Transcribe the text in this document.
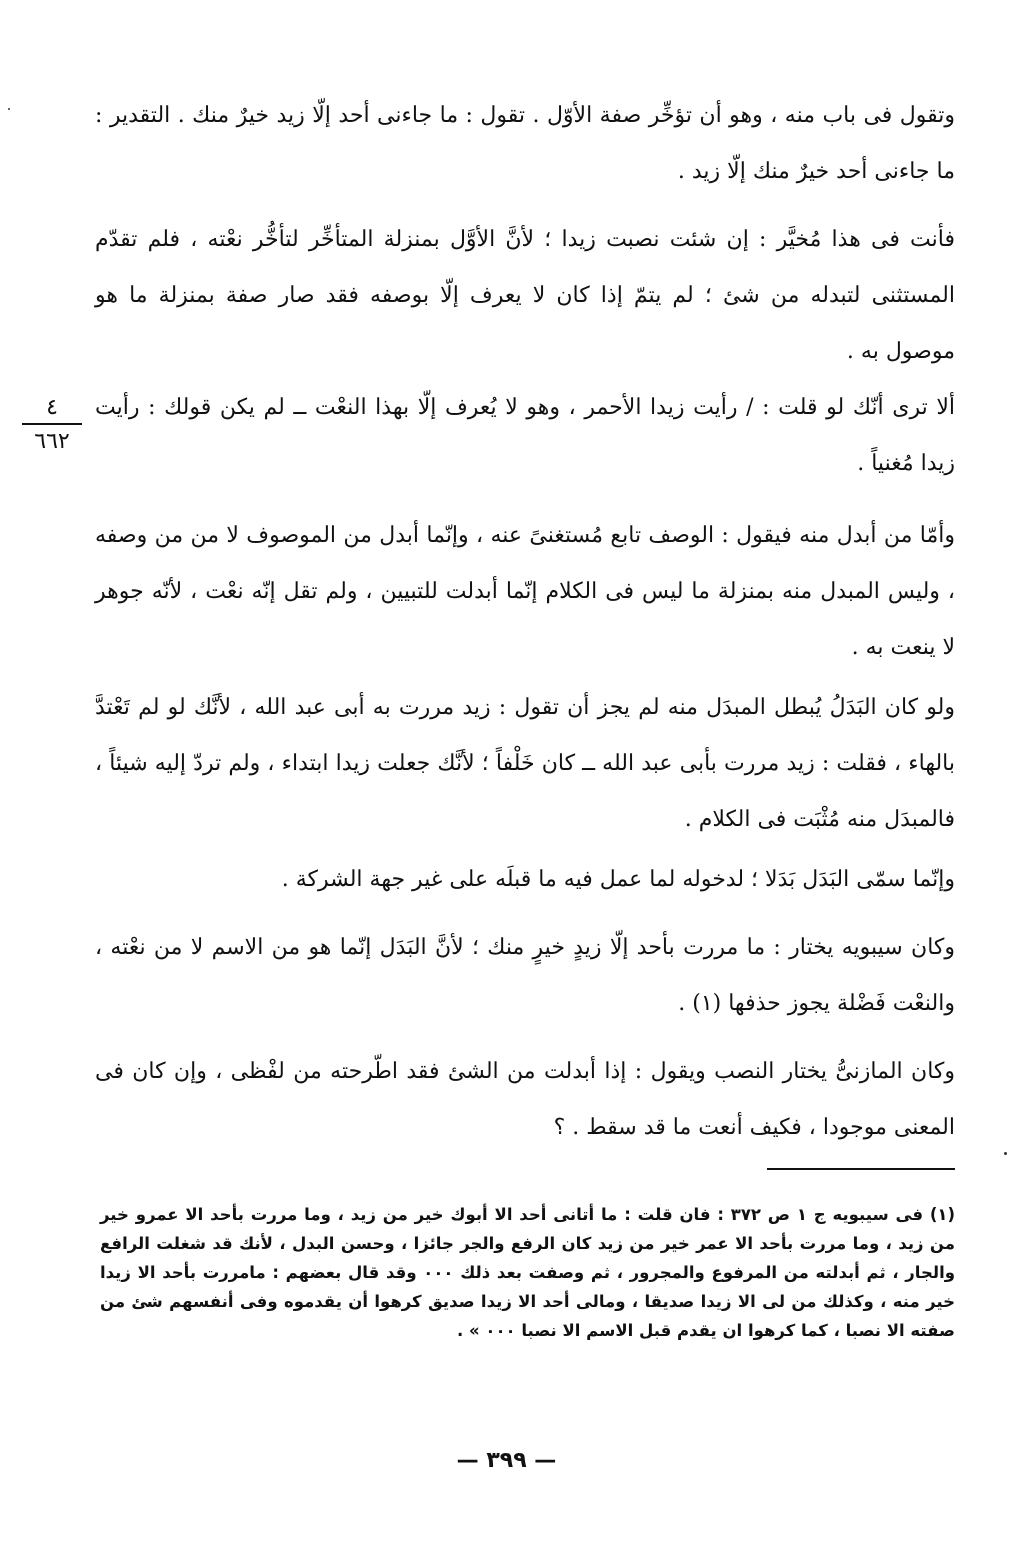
وتقول فى باب منه ، وهو أن تؤخِّر صفة الأوّل . تقول : ما جاءنى أحد إلّا زيد خيرٌ منك . التقدير : ما جاءنى أحد خيرٌ منك إلّا زيد .

فأنت فى هذا مُخيَّر : إن شئت نصبت زيدا ؛ لأنَّ الأوَّل بمنزلة المتأخِّر لتأخُّر نعْته ، فلم تقدّم المستثنى لتبدله من شئ ؛ لم يتمّ إذا كان لا يعرف إلّا بوصفه فقد صار صفة بمنزلة ما هو موصول به .

ألا ترى أنّك لو قلت : / رأيت زيدا الأحمر ، وهو لا يُعرف إلّا بهذا النعْت ــ لم يكن قولك : رأيت زيدا مُغنياً .

٤
٦٦٢

وأمّا من أبدل منه فيقول : الوصف تابع مُستغنىً عنه ، وإنّما أبدل من الموصوف لا من من وصفه ، وليس المبدل منه بمنزلة ما ليس فى الكلام إنّما أبدلت للتبيين ، ولم تقل إنّه نعْت ، لأنّه جوهر لا ينعت به .

ولو كان البَدَلُ يُبطل المبدَل منه لم يجز أن تقول : زيد مررت به أبى عبد الله ، لأنَّك لو لم تَعْتدَّ بالهاء ، فقلت : زيد مررت بأبى عبد الله ــ كان خَلْفاً ؛ لأنَّك جعلت زيدا ابتداء ، ولم تردّ إليه شيئاً ، فالمبدَل منه مُثْبَت فى الكلام .

وإنّما سمّى البَدَل بَدَلا ؛ لدخوله لما عمل فيه ما قبلَه على غير جهة الشركة .

وكان سيبويه يختار : ما مررت بأحد إلّا زيدٍ خيرٍ منك ؛ لأنَّ البَدَل إنّما هو من الاسم لا من نعْته ، والنعْت فَضْلة يجوز حذفها (١) .

وكان المازنىُّ يختار النصب ويقول : إذا أبدلت من الشئ فقد اطّرحته من لفْظى ، وإن كان فى المعنى موجودا ، فكيف أنعت ما قد سقط . ؟

(١) فى سيبويه ج ١ ص ٣٧٢ : فان قلت : ما أتانى أحد الا أبوك خير من زيد ، وما مررت بأحد الا عمرو خير من زيد ، وما مررت بأحد الا عمر خير من زيد كان الرفع والجر جائزا ، وحسن البدل ، لأنك قد شغلت الرافع والجار ، ثم أبدلته من المرفوع والمجرور ، ثم وصفت بعد ذلك ٠٠٠ وقد قال بعضهم : مامررت بأحد الا زيدا خير منه ، وكذلك من لى الا زيدا صديقا ، ومالى أحد الا زيدا صديق كرهوا أن يقدموه وفى أنفسهم شئ من صفته الا نصبا ، كما كرهوا ان يقدم قبل الاسم الا نصبا ٠٠٠ » .

— ٣٩٩ —
